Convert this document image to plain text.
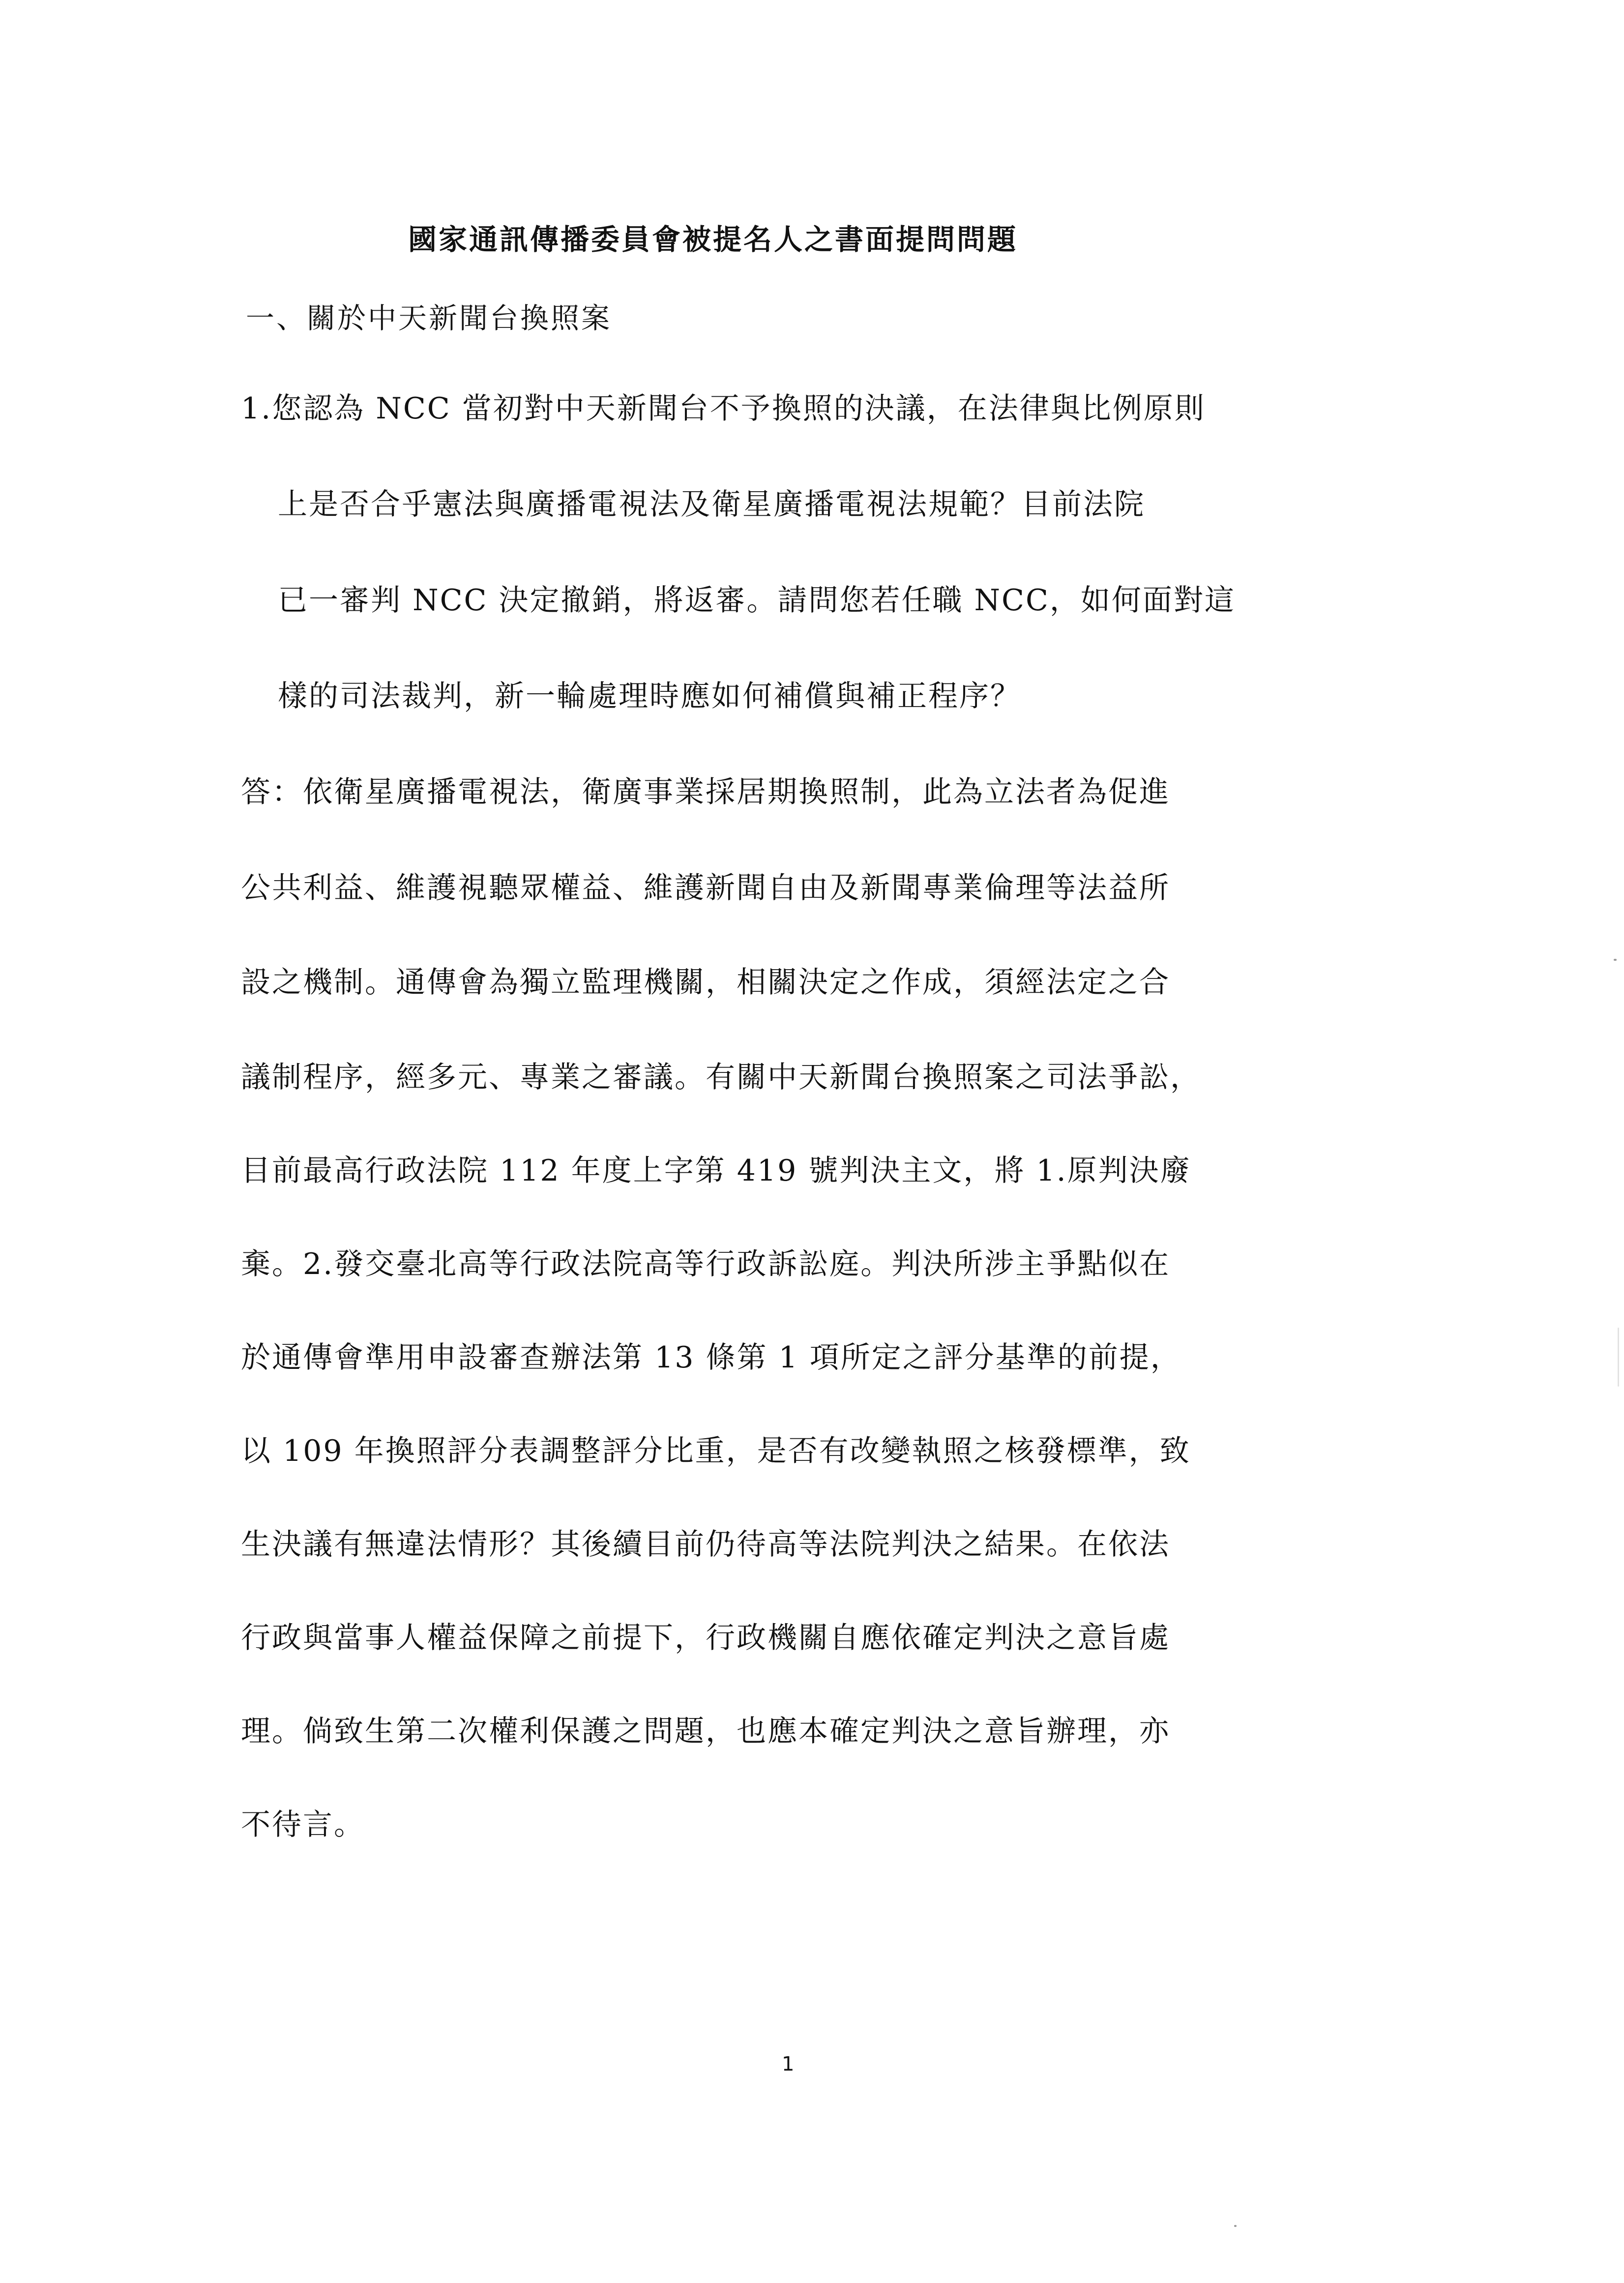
國家通訊傳播委員會被提名人之書面提問問題
一、關於中天新聞台換照案
1.您認為 NCC 當初對中天新聞台不予換照的決議，在法律與比例原則
上是否合乎憲法與廣播電視法及衛星廣播電視法規範？目前法院
已一審判 NCC 決定撤銷，將返審。請問您若任職 NCC，如何面對這
樣的司法裁判，新一輪處理時應如何補償與補正程序？
答：依衛星廣播電視法，衛廣事業採居期換照制，此為立法者為促進
公共利益、維護視聽眾權益、維護新聞自由及新聞專業倫理等法益所
設之機制。通傳會為獨立監理機關，相關決定之作成，須經法定之合
議制程序，經多元、專業之審議。有關中天新聞台換照案之司法爭訟，
目前最高行政法院 112 年度上字第 419 號判決主文，將 1.原判決廢
棄。2.發交臺北高等行政法院高等行政訴訟庭。判決所涉主爭點似在
於通傳會準用申設審查辦法第 13 條第 1 項所定之評分基準的前提，
以 109 年換照評分表調整評分比重，是否有改變執照之核發標準，致
生決議有無違法情形？其後續目前仍待高等法院判決之結果。在依法
行政與當事人權益保障之前提下，行政機關自應依確定判決之意旨處
理。倘致生第二次權利保護之問題，也應本確定判決之意旨辦理，亦
不待言。
1
